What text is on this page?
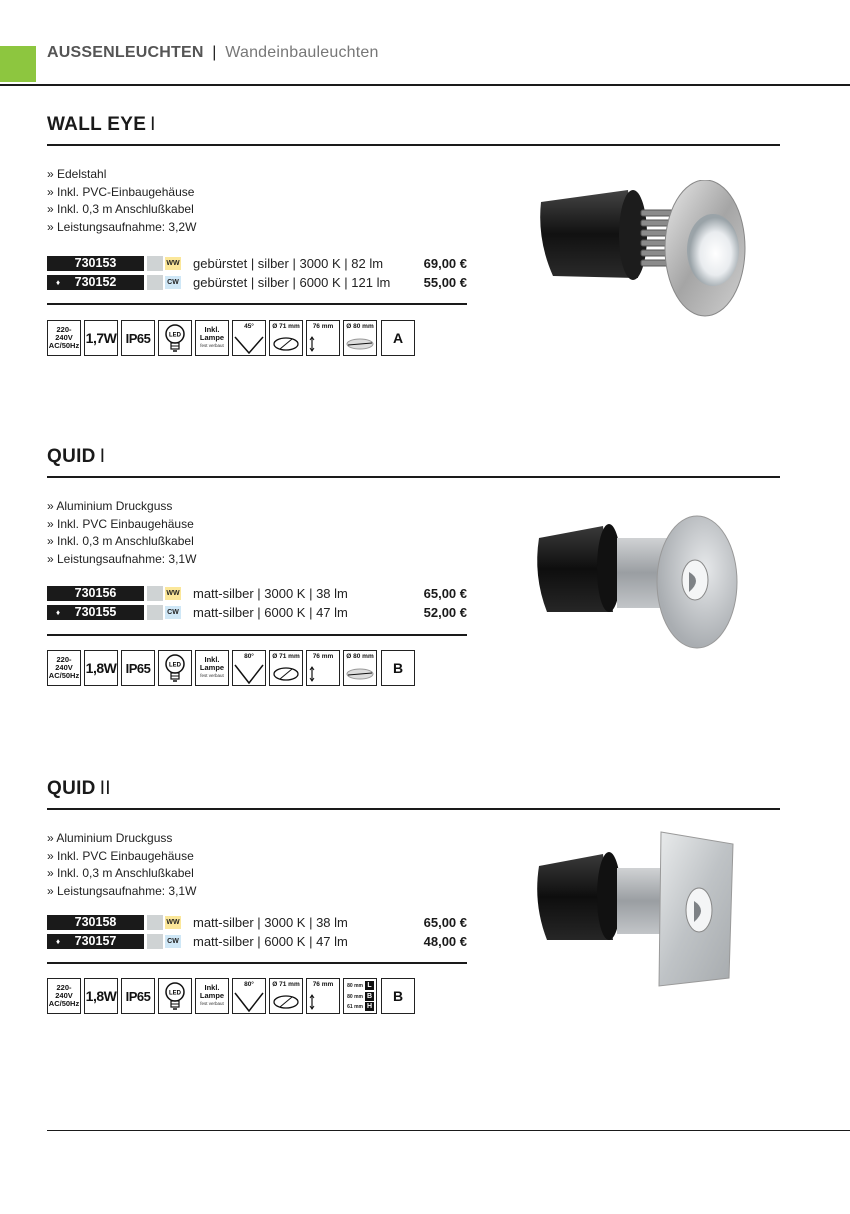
AUSSENLEUCHTEN | Wandeinbauleuchten
WALL EYE I
» Edelstahl
» Inkl. PVC-Einbaugehäuse
» Inkl. 0,3 m Anschlußkabel
» Leistungsaufnahme: 3,2W
730153	WW gebürstet | silber | 3000 K | 82 lm	69,00 €
♦ 730152	CW gebürstet | silber | 6000 K | 121 lm	55,00 €
220-240V
AC/50Hz 1,7W IP65	LED
Inkl.
Lampe
fest verbaut
45°	Ø 71 mm	76 mm	Ø 80 mm
A
QUID I
» Aluminium Druckguss
» Inkl. PVC Einbaugehäuse
» Inkl. 0,3 m Anschlußkabel
» Leistungsaufnahme: 3,1W
730156	WW matt-silber | 3000 K | 38 lm	65,00 €
♦ 730155	CW matt-silber | 6000 K | 47 lm	52,00 €
220-240V
AC/50Hz 1,8W IP65	LED
Inkl.
Lampe
fest verbaut
80°	Ø 71 mm	76 mm	Ø 80 mm
B
QUID II
» Aluminium Druckguss
» Inkl. PVC Einbaugehäuse
» Inkl. 0,3 m Anschlußkabel
» Leistungsaufnahme: 3,1W
730158	WW matt-silber | 3000 K | 38 lm	65,00 €
♦ 730157	CW matt-silber | 6000 K | 47 lm	48,00 €
220-240V
AC/50Hz 1,8W IP65	LED
Inkl.
Lampe
fest verbaut
80°	Ø 71 mm	76 mm	80 mm L
80 mm B
61 mm H
B
